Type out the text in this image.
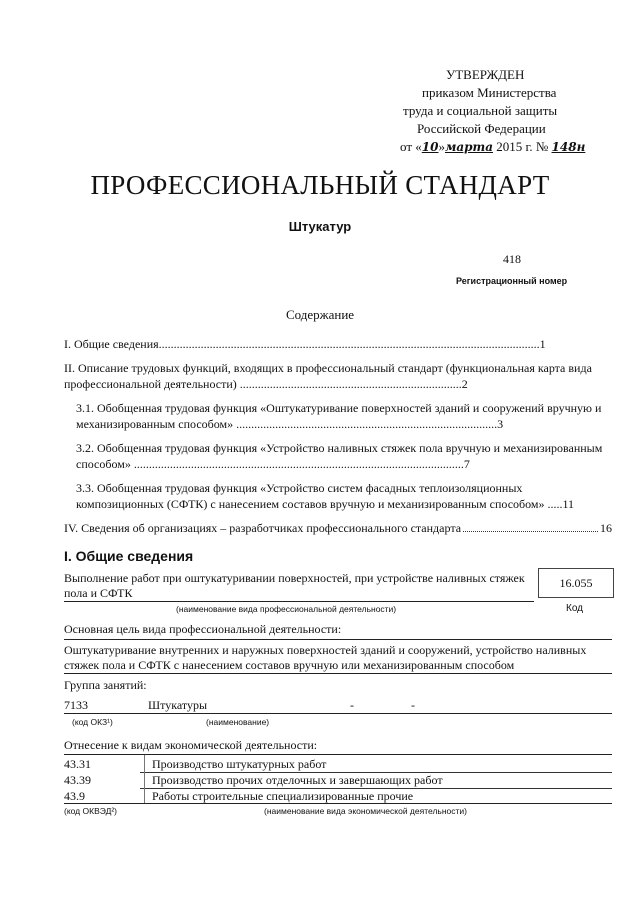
УТВЕРЖДЕН
приказом Министерства
труда и социальной защиты
Российской Федерации
от «10»марта 2015 г. № 148н
ПРОФЕССИОНАЛЬНЫЙ СТАНДАРТ
Штукатур
418
Регистрационный номер
Содержание
I. Общие сведения...............................................................................................................................1
II. Описание трудовых функций, входящих в профессиональный стандарт (функциональная карта вида профессиональной деятельности) ..........................................................................2
3.1. Обобщенная трудовая функция «Оштукатуривание поверхностей зданий и сооружений вручную и механизированным способом» .......................................................................................3
3.2. Обобщенная трудовая функция «Устройство наливных стяжек пола вручную и механизированным способом» ..............................................................................................................7
3.3. Обобщенная трудовая функция «Устройство систем фасадных теплоизоляционных композиционных (СФТК) с нанесением составов вручную и механизированным способом» .....11
IV. Сведения об организациях – разработчиках профессионального стандарта	16
I. Общие сведения
Выполнение работ при оштукатуривании поверхностей, при устройстве наливных стяжек пола и СФТК
16.055
(наименование вида профессиональной деятельности)	Код
Основная цель вида профессиональной деятельности:
Оштукатуривание внутренних и наружных поверхностей зданий и сооружений, устройство наливных стяжек пола и СФТК с нанесением составов вручную или механизированным способом
Группа занятий:
7133	Штукатуры	-	-
(код ОКЗ¹)	(наименование)
Отнесение к видам экономической деятельности:
43.31	Производство штукатурных работ
43.39	Производство прочих отделочных и завершающих работ
43.9	Работы строительные специализированные прочие
(код ОКВЭД²)	(наименование вида экономической деятельности)
